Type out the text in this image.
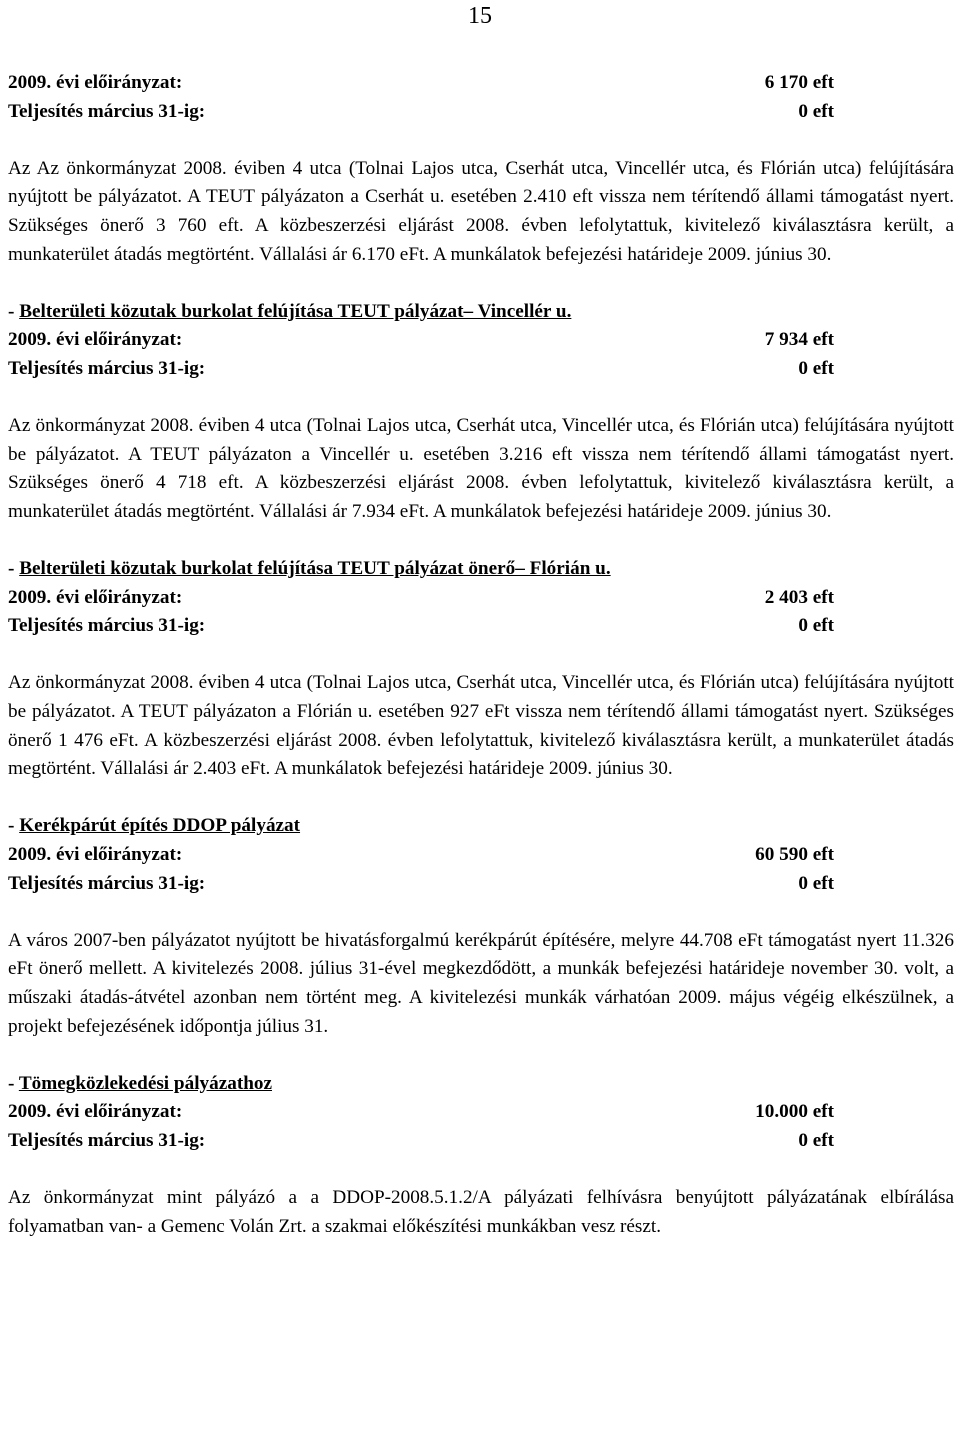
15
2009. évi előirányzat:	6 170 eft
Teljesítés március 31-ig:	0 eft

Az Az önkormányzat 2008. éviben 4 utca (Tolnai Lajos utca, Cserhát utca, Vincellér utca, és Flórián utca) felújítására nyújtott be pályázatot. A TEUT pályázaton a Cserhát u. esetében 2.410 eft vissza nem térítendő állami támogatást nyert. Szükséges önerő 3 760 eft. A közbeszerzési eljárást 2008. évben lefolytattuk, kivitelező kiválasztásra került, a munkaterület átadás megtörtént. Vállalási ár 6.170 eFt. A munkálatok befejezési határideje 2009. június 30.

- Belterületi közutak burkolat felújítása TEUT pályázat– Vincellér u.
2009. évi előirányzat:	7 934 eft
Teljesítés március 31-ig:	0 eft

Az önkormányzat 2008. éviben 4 utca (Tolnai Lajos utca, Cserhát utca, Vincellér utca, és Flórián utca) felújítására nyújtott be pályázatot. A TEUT pályázaton a Vincellér u. esetében 3.216 eft vissza nem térítendő állami támogatást nyert. Szükséges önerő 4 718 eft. A közbeszerzési eljárást 2008. évben lefolytattuk, kivitelező kiválasztásra került, a munkaterület átadás megtörtént. Vállalási ár 7.934 eFt. A munkálatok befejezési határideje 2009. június 30.

- Belterületi közutak burkolat felújítása TEUT pályázat önerő– Flórián u.
2009. évi előirányzat:	2 403 eft
Teljesítés március 31-ig:	0 eft

Az önkormányzat 2008. éviben 4 utca (Tolnai Lajos utca, Cserhát utca, Vincellér utca, és Flórián utca) felújítására nyújtott be pályázatot. A TEUT pályázaton a Flórián u. esetében 927 eFt vissza nem térítendő állami támogatást nyert. Szükséges önerő 1 476 eFt. A közbeszerzési eljárást 2008. évben lefolytattuk, kivitelező kiválasztásra került, a munkaterület átadás megtörtént. Vállalási ár 2.403 eFt. A munkálatok befejezési határideje 2009. június 30.

- Kerékpárút építés DDOP pályázat
2009. évi előirányzat:	60 590 eft
Teljesítés március 31-ig:	0 eft

A város 2007-ben pályázatot nyújtott be hivatásforgalmú kerékpárút építésére, melyre 44.708 eFt támogatást nyert 11.326 eFt önerő mellett. A kivitelezés 2008. július 31-ével megkezdődött, a munkák befejezési határideje november 30. volt, a műszaki átadás-átvétel azonban nem történt meg. A kivitelezési munkák várhatóan 2009. május végéig elkészülnek, a projekt befejezésének időpontja július 31.

- Tömegközlekedési pályázathoz
2009. évi előirányzat:	10.000 eft
Teljesítés március 31-ig:	0 eft

Az önkormányzat mint pályázó a a DDOP-2008.5.1.2/A pályázati felhívásra benyújtott pályázatának elbírálása folyamatban van- a Gemenc Volán Zrt. a szakmai előkészítési munkákban vesz részt.
